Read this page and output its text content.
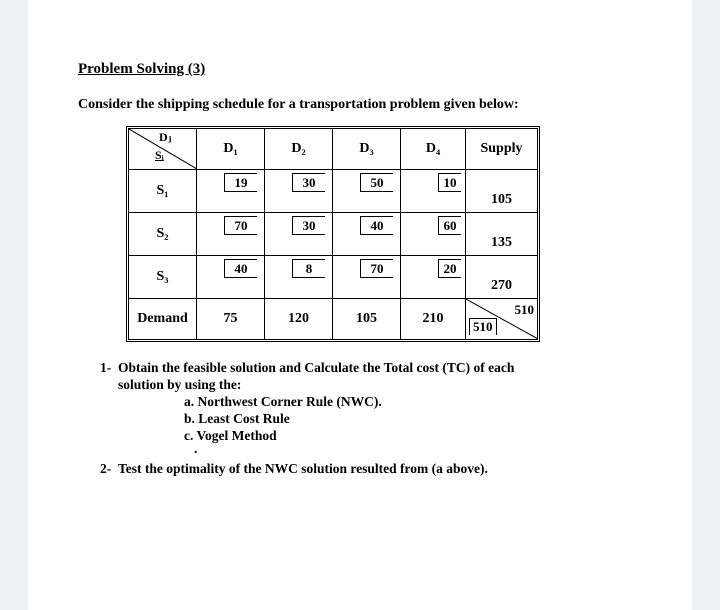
Problem Solving (3)

Consider the shipping schedule for a transportation problem given below:

Dⱼ
Sᵢ	D₁	D₂	D₃	D₄	Supply
S₁	19	30	50	10	105

S₂	70	30	40	60	135

S₃	40	8	70	20	270

Demand	75	120	105	210	510
510
1- Obtain the feasible solution and Calculate the Total cost (TC) of each
solution by using the:
a. Northwest Corner Rule (NWC).
b. Least Cost Rule
c. Vogel Method
.
2- Test the optimality of the NWC solution resulted from (a above).
